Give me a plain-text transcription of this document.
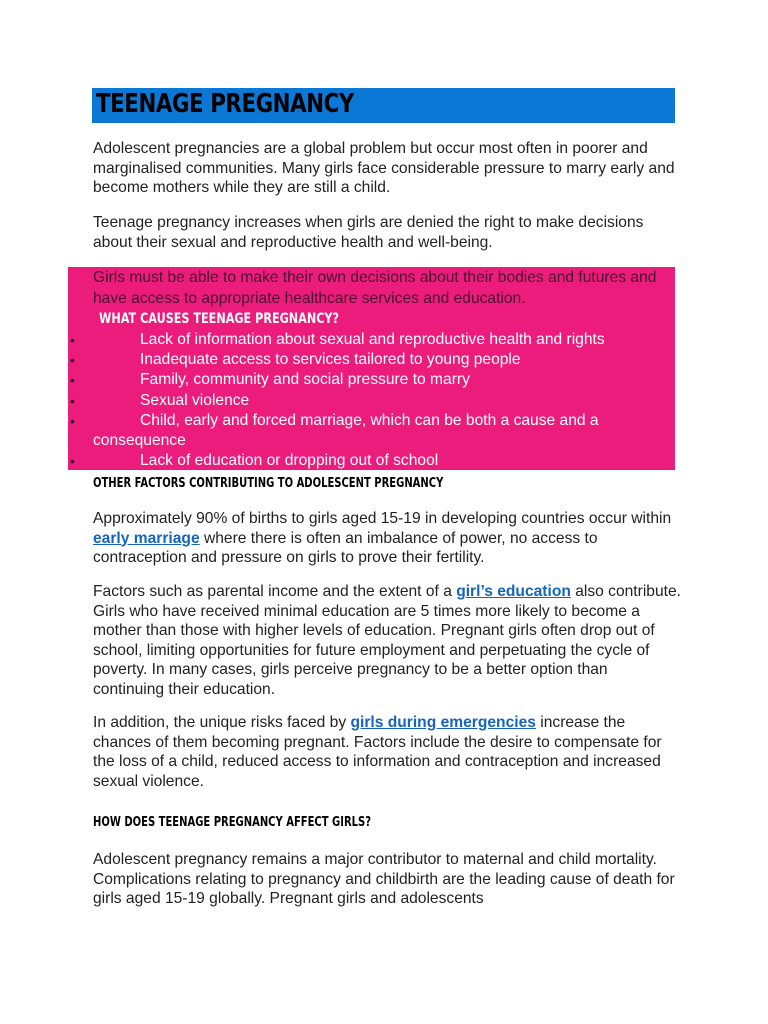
TEENAGE PREGNANCY

Adolescent pregnancies are a global problem but occur most often in poorer and marginalised communities. Many girls face considerable pressure to marry early and become mothers while they are still a child.

Teenage pregnancy increases when girls are denied the right to make decisions about their sexual and reproductive health and well-being.

Girls must be able to make their own decisions about their bodies and futures and have access to appropriate healthcare services and education.

WHAT CAUSES TEENAGE PREGNANCY?
•	Lack of information about sexual and reproductive health and rights
•	Inadequate access to services tailored to young people
•	Family, community and social pressure to marry
•	Sexual violence
•	Child, early and forced marriage, which can be both a cause and a consequence
•	Lack of education or dropping out of school
OTHER FACTORS CONTRIBUTING TO ADOLESCENT PREGNANCY

Approximately 90% of births to girls aged 15-19 in developing countries occur within early marriage where there is often an imbalance of power, no access to contraception and pressure on girls to prove their fertility.

Factors such as parental income and the extent of a girl’s education also contribute. Girls who have received minimal education are 5 times more likely to become a mother than those with higher levels of education. Pregnant girls often drop out of school, limiting opportunities for future employment and perpetuating the cycle of poverty. In many cases, girls perceive pregnancy to be a better option than continuing their education.

In addition, the unique risks faced by girls during emergencies increase the chances of them becoming pregnant. Factors include the desire to compensate for the loss of a child, reduced access to information and contraception and increased sexual violence.

HOW DOES TEENAGE PREGNANCY AFFECT GIRLS?

Adolescent pregnancy remains a major contributor to maternal and child mortality. Complications relating to pregnancy and childbirth are the leading cause of death for girls aged 15-19 globally. Pregnant girls and adolescents
